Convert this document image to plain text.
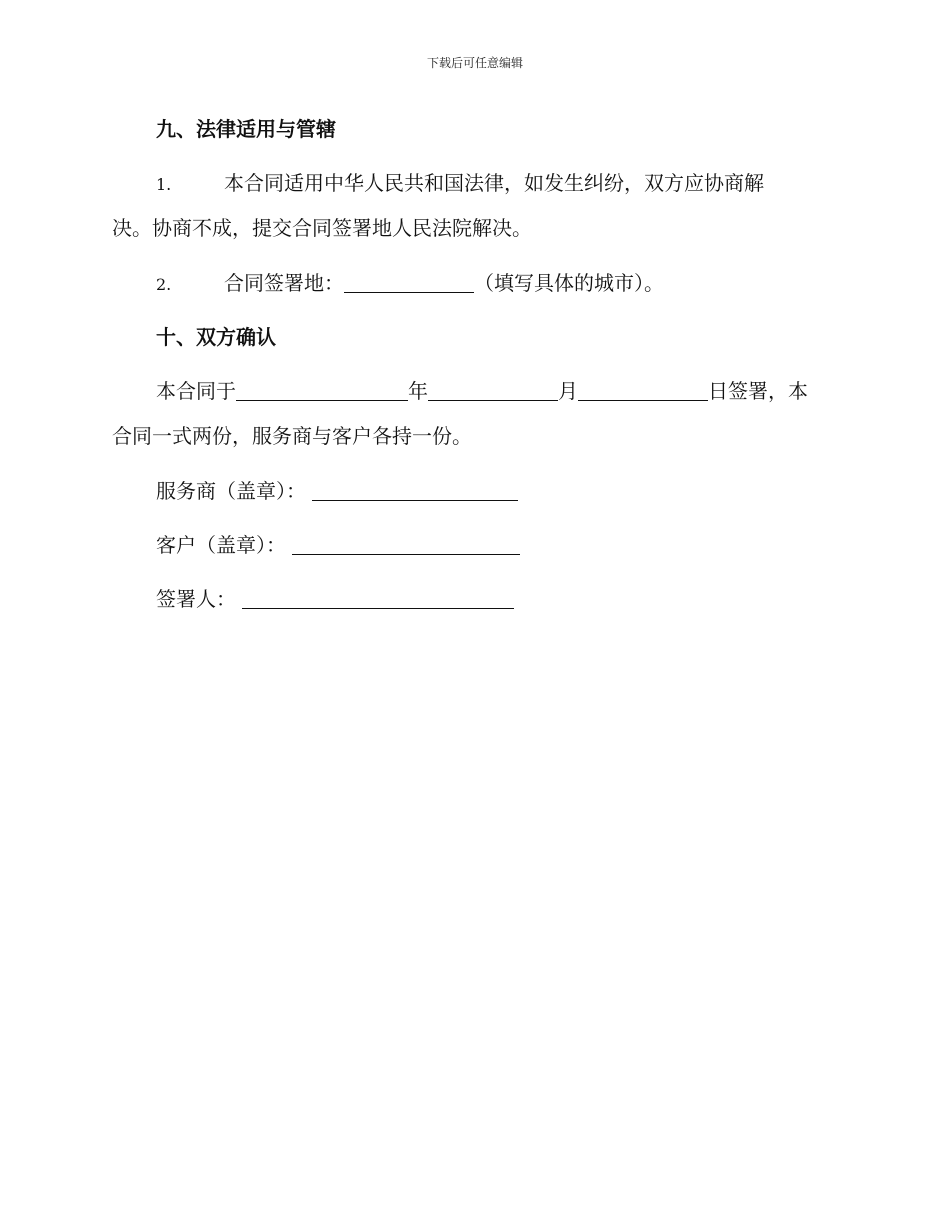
下载后可任意编辑
九、法律适用与管辖
1.	本合同适用中华人民共和国法律，如发生纠纷，双方应协商解
决。协商不成，提交合同签署地人民法院解决。
2.	合同签署地：	（填写具体的城市）。
十、双方确认
本合同于	年	月	日签署，本
合同一式两份，服务商与客户各持一份。
服务商（盖章）：
客户（盖章）：
签署人：
